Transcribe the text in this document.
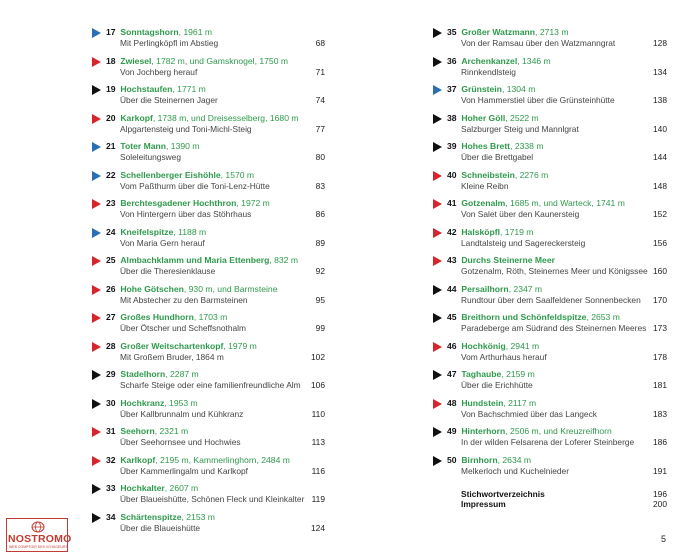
17 Sonntagshorn, 1961 m
Mit Perlingköpfl im Abstieg	68
18 Zwiesel, 1782 m, und Gamsknogel, 1750 m
Von Jochberg herauf	71
19 Hochstaufen, 1771 m
Über die Steinernen Jager	74
20 Karkopf, 1738 m, und Dreisesselberg, 1680 m
Alpgartensteig und Toni-Michl-Steig	77
21 Toter Mann, 1390 m
Soleleitungsweg	80
22 Schellenberger Eishöhle, 1570 m
Vom Paßthurm über die Toni-Lenz-Hütte	83
23 Berchtesgadener Hochthron, 1972 m
Von Hintergern über das Stöhrhaus	86
24 Kneifelspitze, 1188 m
Von Maria Gern herauf	89
25 Almbachklamm und Maria Ettenberg, 832 m
Über die Theresienklause	92
26 Hohe Götschen, 930 m, und Barmsteine
Mit Abstecher zu den Barmsteinen	95
27 Großes Hundhorn, 1703 m
Über Ötscher und Scheffsnothalm	99
28 Großer Weitschartenkopf, 1979 m
Mit Großem Bruder, 1864 m	102
29 Stadelhorn, 2287 m
Scharfe Steige oder eine familienfreundliche Alm 106
30 Hochkranz, 1953 m
Über Kallbrunnalm und Kühkranz	110
31 Seehorn, 2321 m
Über Seehornsee und Hochwies	113
32 Karlkopf, 2195 m, Kammerlinghorn, 2484 m
Über Kammerlingalm und Karlkopf	116
33 Hochkalter, 2607 m
Über Blaueishütte, Schönen Fleck und Kleinkalter 119
34 Schärtenspitze, 2153 m
Über die Blaueishütte	124
35 Großer Watzmann, 2713 m
Von der Ramsau über den Watzmanngrat	128
36 Archenkanzel, 1346 m
Rinnkendlsteig	134
37 Grünstein, 1304 m
Von Hammerstiel über die Grünsteinhütte	138
38 Hoher Göll, 2522 m
Salzburger Steig und Mannlgrat	140
39 Hohes Brett, 2338 m
Über die Brettgabel	144
40 Schneibstein, 2276 m
Kleine Reibn	148
41 Gotzenalm, 1685 m, und Warteck, 1741 m
Von Salet über den Kaunersteig	152
42 Halsköpfl, 1719 m
Landtalsteig und Sagereckersteig	156
43 Durchs Steinerne Meer
Gotzenalm, Röth, Steinernes Meer und Königssee 160
44 Persailhorn, 2347 m
Rundtour über dem Saalfeldener Sonnenbecken 170
45 Breithorn und Schönfeldspitze, 2653 m
Paradeberge am Südrand des Steinernen Meeres 173
46 Hochkönig, 2941 m
Vom Arthurhaus herauf	178
47 Taghaube, 2159 m
Über die Erichhütte	181
48 Hundstein, 2117 m
Von Bachschmied über das Langeck	183
49 Hinterhorn, 2506 m, und Kreuzreifhorn
In der wilden Felsarena der Loferer Steinberge 186
50 Birnhorn, 2634 m
Melkerloch und Kuchelnieder	191
Stichwortverzeichnis	196
Impressum	200
5
NOSTROMO
WEB COMPTOIR DES VOYAGEURS
